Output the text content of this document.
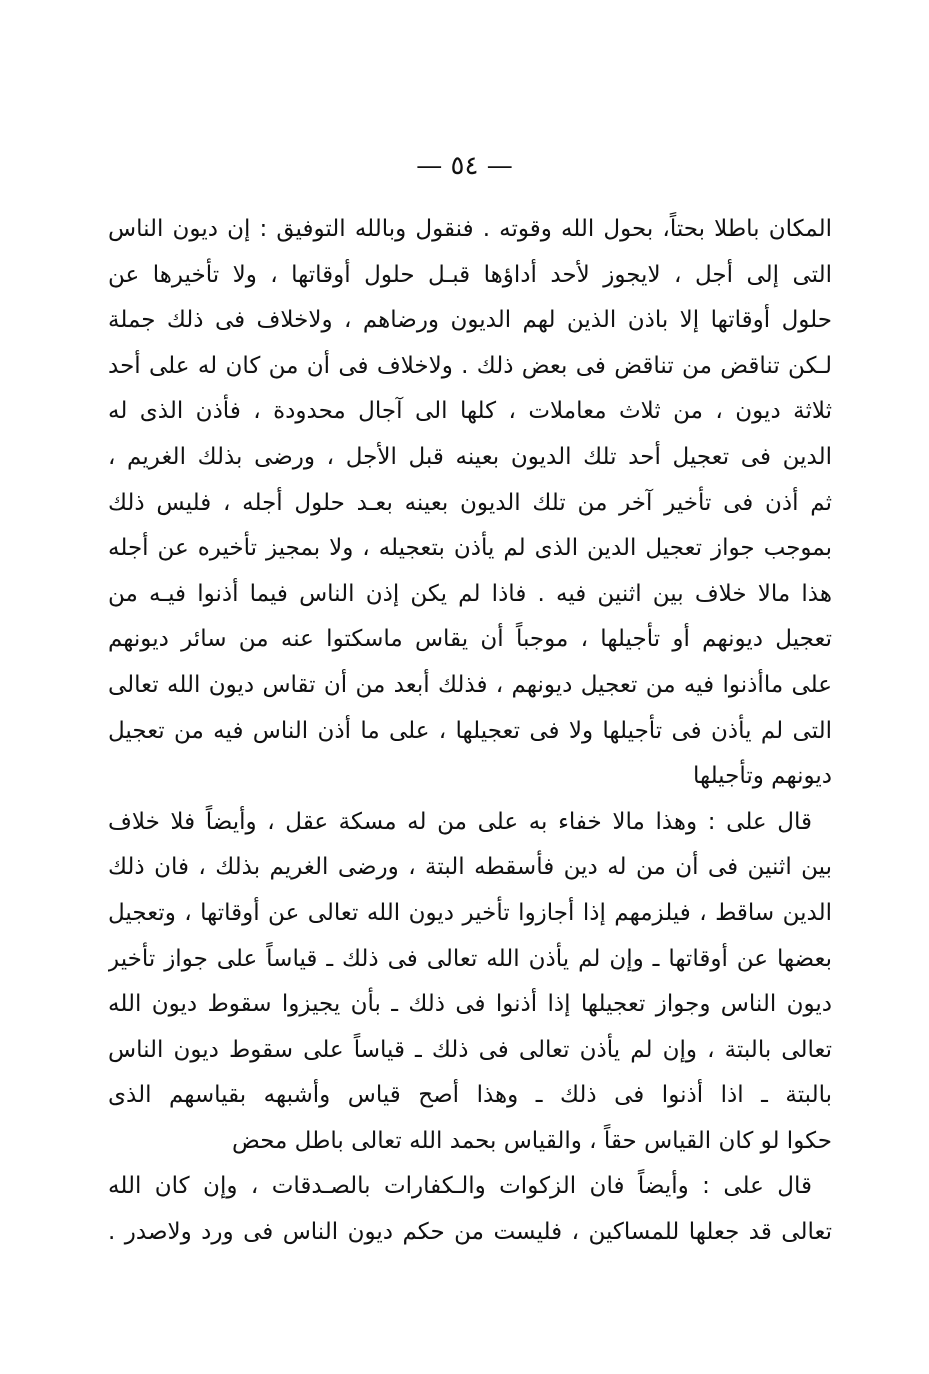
— ٥٤ —
المكان باطلا بحتاً، بحول الله وقوته . فنقول وبالله التوفيق : إن ديون الناس
التى إلى أجل ، لايجوز لأحد أداؤها قبـل حلول أوقاتها ، ولا تأخيرها عن
حلول أوقاتها إلا باذن الذين لهم الديون ورضاهم ، ولاخلاف فى ذلك جملة
لـكن تناقض من تناقض فى بعض ذلك . ولاخلاف فى أن من كان له على أحد
ثلاثة ديون ، من ثلاث معاملات ، كلها الى آجال محدودة ، فأذن الذى له
الدين فى تعجيل أحد تلك الديون بعينه قبل الأجل ، ورضى بذلك الغريم ،
ثم أذن فى تأخير آخر من تلك الديون بعينه بعـد حلول أجله ، فليس ذلك
بموجب جواز تعجيل الدين الذى لم يأذن بتعجيله ، ولا بمجيز تأخيره عن أجله
هذا مالا خلاف بين اثنين فيه . فاذا لم يكن إذن الناس فيما أذنوا فيـه من
تعجيل ديونهم أو تأجيلها ، موجباً أن يقاس ماسكتوا عنه من سائر ديونهم
على ماأذنوا فيه من تعجيل ديونهم ، فذلك أبعد من أن تقاس ديون الله تعالى
التى لم يأذن فى تأجيلها ولا فى تعجيلها ، على ما أذن الناس فيه من تعجيل
ديونهم وتأجيلها
قال على : وهذا مالا خفاء به على من له مسكة عقل ، وأيضاً فلا خلاف
بين اثنين فى أن من له دين فأسقطه البتة ، ورضى الغريم بذلك ، فان ذلك
الدين ساقط ، فيلزمهم إذا أجازوا تأخير ديون الله تعالى عن أوقاتها ، وتعجيل
بعضها عن أوقاتها ـ وإن لم يأذن الله تعالى فى ذلك ـ قياساً على جواز تأخير
ديون الناس وجواز تعجيلها إذا أذنوا فى ذلك ـ بأن يجيزوا سقوط ديون الله
تعالى بالبتة ، وإن لم يأذن تعالى فى ذلك ـ قياساً على سقوط ديون الناس
بالبتة ـ اذا أذنوا فى ذلك ـ وهذا أصح قياس وأشبهه بقياسهم الذى
حكوا لو كان القياس حقاً ، والقياس بحمد الله تعالى باطل محض
قال على : وأيضاً فان الزكوات والـكفارات بالصـدقات ، وإن كان الله
تعالى قد جعلها للمساكين ، فليست من حكم ديون الناس فى ورد ولاصدر .
